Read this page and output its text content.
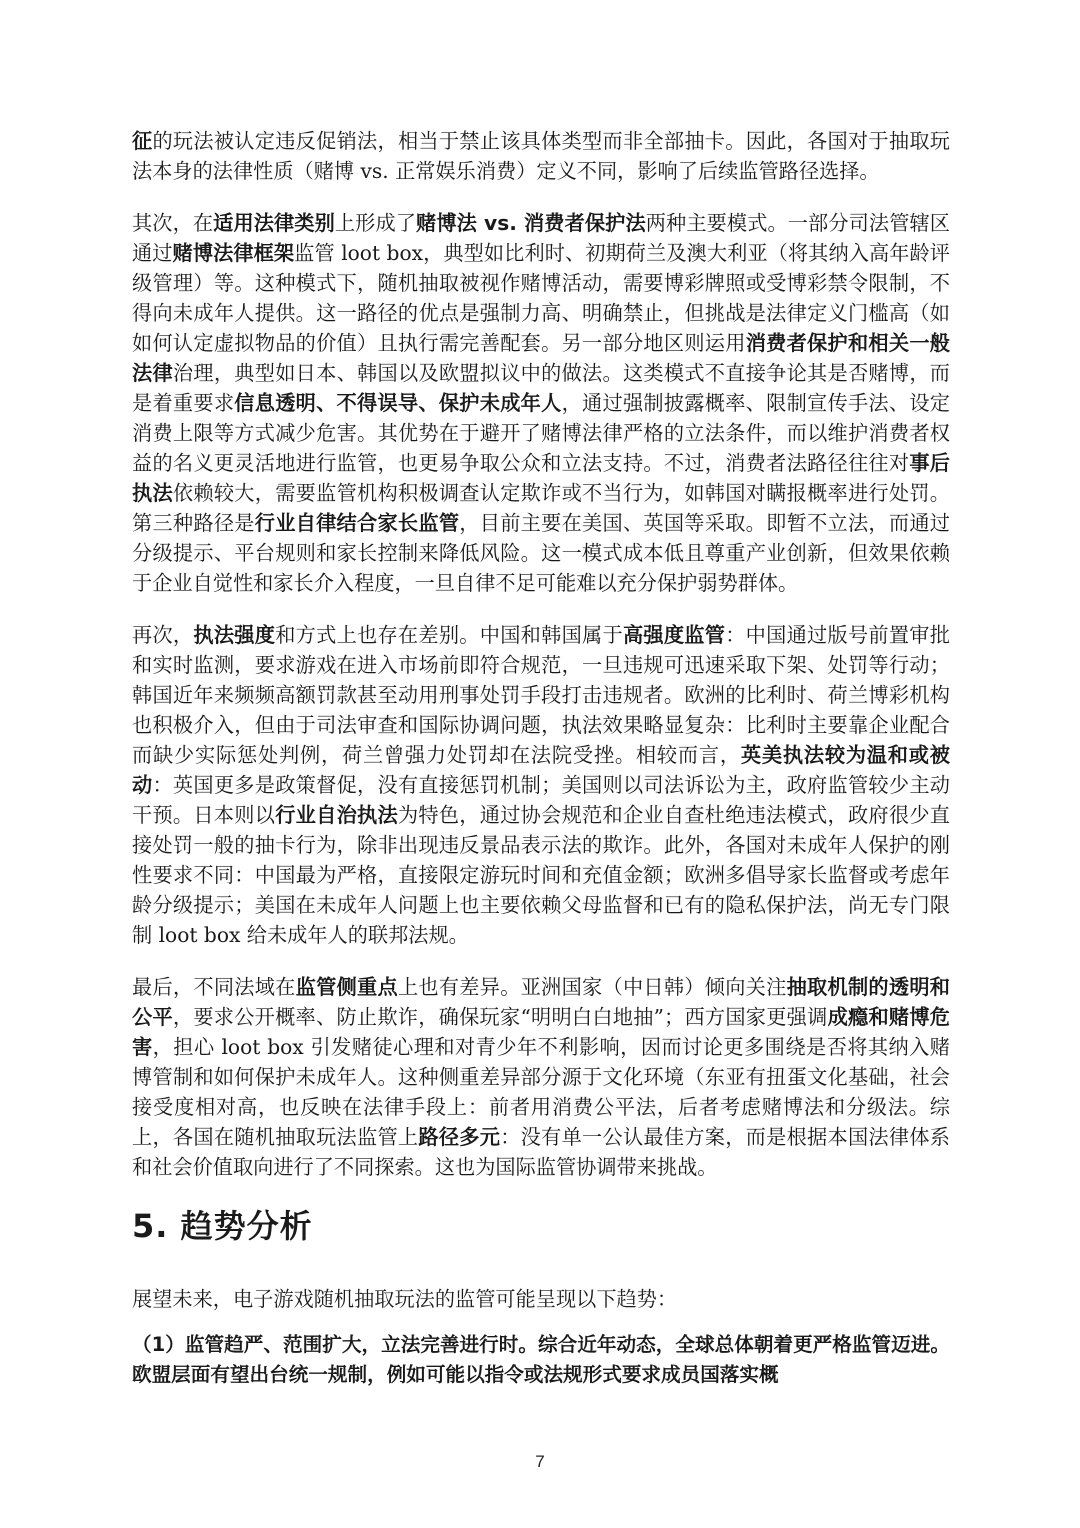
征的玩法被认定违反促销法，相当于禁止该具体类型而非全部抽卡。因此，各国对于抽取玩法本身的法律性质（赌博 vs. 正常娱乐消费）定义不同，影响了后续监管路径选择。

其次，在适用法律类别上形成了赌博法 vs. 消费者保护法两种主要模式。一部分司法管辖区通过赌博法律框架监管 loot box，典型如比利时、初期荷兰及澳大利亚（将其纳入高年龄评级管理）等。这种模式下，随机抽取被视作赌博活动，需要博彩牌照或受博彩禁令限制，不得向未成年人提供。这一路径的优点是强制力高、明确禁止，但挑战是法律定义门槛高（如如何认定虚拟物品的价值）且执行需完善配套。另一部分地区则运用消费者保护和相关一般法律治理，典型如日本、韩国以及欧盟拟议中的做法。这类模式不直接争论其是否赌博，而是着重要求信息透明、不得误导、保护未成年人，通过强制披露概率、限制宣传手法、设定消费上限等方式减少危害。其优势在于避开了赌博法律严格的立法条件，而以维护消费者权益的名义更灵活地进行监管，也更易争取公众和立法支持。不过，消费者法路径往往对事后执法依赖较大，需要监管机构积极调查认定欺诈或不当行为，如韩国对瞒报概率进行处罚。第三种路径是行业自律结合家长监管，目前主要在美国、英国等采取。即暂不立法，而通过分级提示、平台规则和家长控制来降低风险。这一模式成本低且尊重产业创新，但效果依赖于企业自觉性和家长介入程度，一旦自律不足可能难以充分保护弱势群体。

再次，执法强度和方式上也存在差别。中国和韩国属于高强度监管：中国通过版号前置审批和实时监测，要求游戏在进入市场前即符合规范，一旦违规可迅速采取下架、处罚等行动；韩国近年来频频高额罚款甚至动用刑事处罚手段打击违规者。欧洲的比利时、荷兰博彩机构也积极介入，但由于司法审查和国际协调问题，执法效果略显复杂：比利时主要靠企业配合而缺少实际惩处判例，荷兰曾强力处罚却在法院受挫。相较而言，英美执法较为温和或被动：英国更多是政策督促，没有直接惩罚机制；美国则以司法诉讼为主，政府监管较少主动干预。日本则以行业自治执法为特色，通过协会规范和企业自查杜绝违法模式，政府很少直接处罚一般的抽卡行为，除非出现违反景品表示法的欺诈。此外，各国对未成年人保护的刚性要求不同：中国最为严格，直接限定游玩时间和充值金额；欧洲多倡导家长监督或考虑年龄分级提示；美国在未成年人问题上也主要依赖父母监督和已有的隐私保护法，尚无专门限制 loot box 给未成年人的联邦法规。

最后，不同法域在监管侧重点上也有差异。亚洲国家（中日韩）倾向关注抽取机制的透明和公平，要求公开概率、防止欺诈，确保玩家“明明白白地抽”；西方国家更强调成瘾和赌博危害，担心 loot box 引发赌徒心理和对青少年不利影响，因而讨论更多围绕是否将其纳入赌博管制和如何保护未成年人。这种侧重差异部分源于文化环境（东亚有扭蛋文化基础，社会接受度相对高，也反映在法律手段上：前者用消费公平法，后者考虑赌博法和分级法。综上，各国在随机抽取玩法监管上路径多元：没有单一公认最佳方案，而是根据本国法律体系和社会价值取向进行了不同探索。这也为国际监管协调带来挑战。

5. 趋势分析

展望未来，电子游戏随机抽取玩法的监管可能呈现以下趋势：

（1）监管趋严、范围扩大，立法完善进行时。综合近年动态，全球总体朝着更严格监管迈进。欧盟层面有望出台统一规制，例如可能以指令或法规形式要求成员国落实概

7
